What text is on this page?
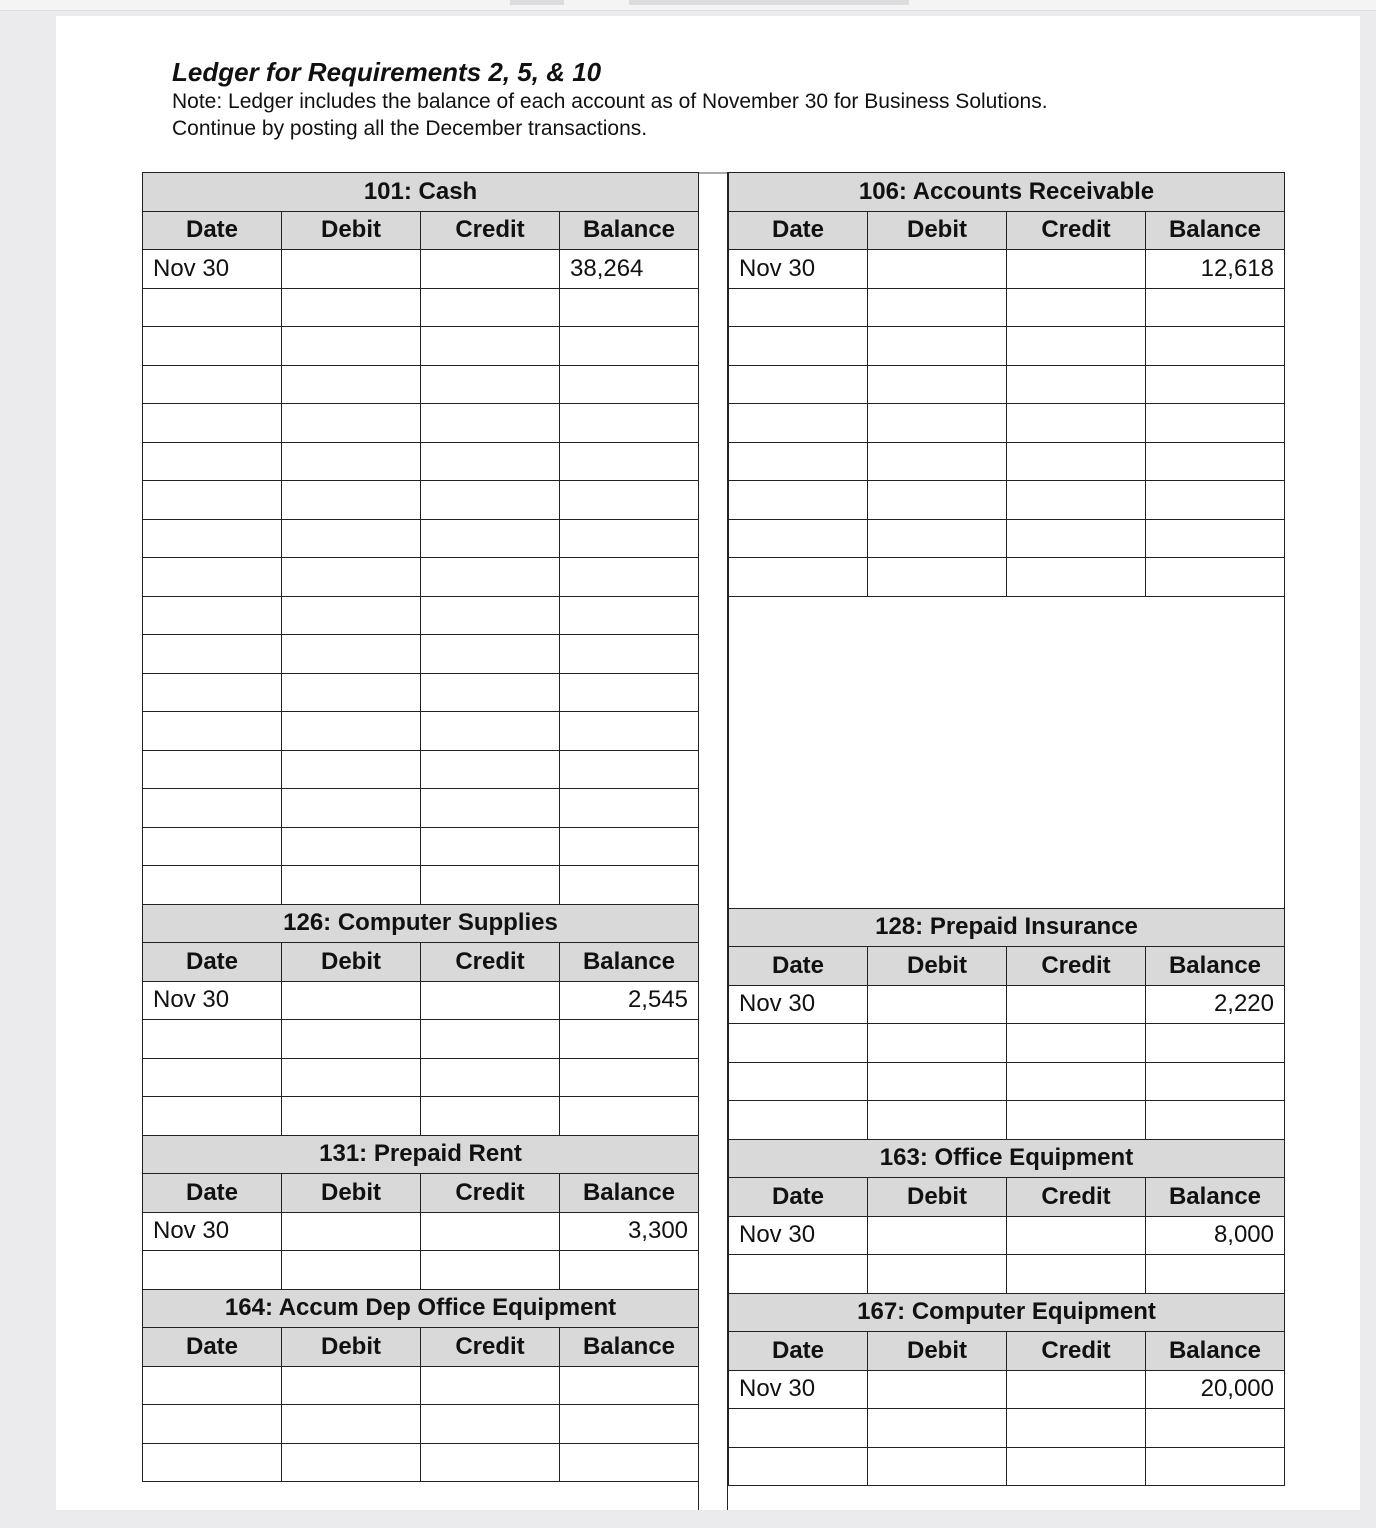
Ledger for Requirements 2, 5, & 10
Note: Ledger includes the balance of each account as of November 30 for Business Solutions.
Continue by posting all the December transactions.
101: Cash			
Date	Debit	Credit	Balance
Nov 30			38,264

126: Computer Supplies			
Date	Debit	Credit	Balance
Nov 30			2,545

131: Prepaid Rent			
Date	Debit	Credit	Balance
Nov 30			3,300

164: Accum Dep Office Equipment			
Date	Debit	Credit	Balance

106: Accounts Receivable			
Date	Debit	Credit	Balance
Nov 30			12,618

128: Prepaid Insurance			
Date	Debit	Credit	Balance
Nov 30			2,220

163: Office Equipment			
Date	Debit	Credit	Balance
Nov 30			8,000

167: Computer Equipment			
Date	Debit	Credit	Balance
Nov 30			20,000
